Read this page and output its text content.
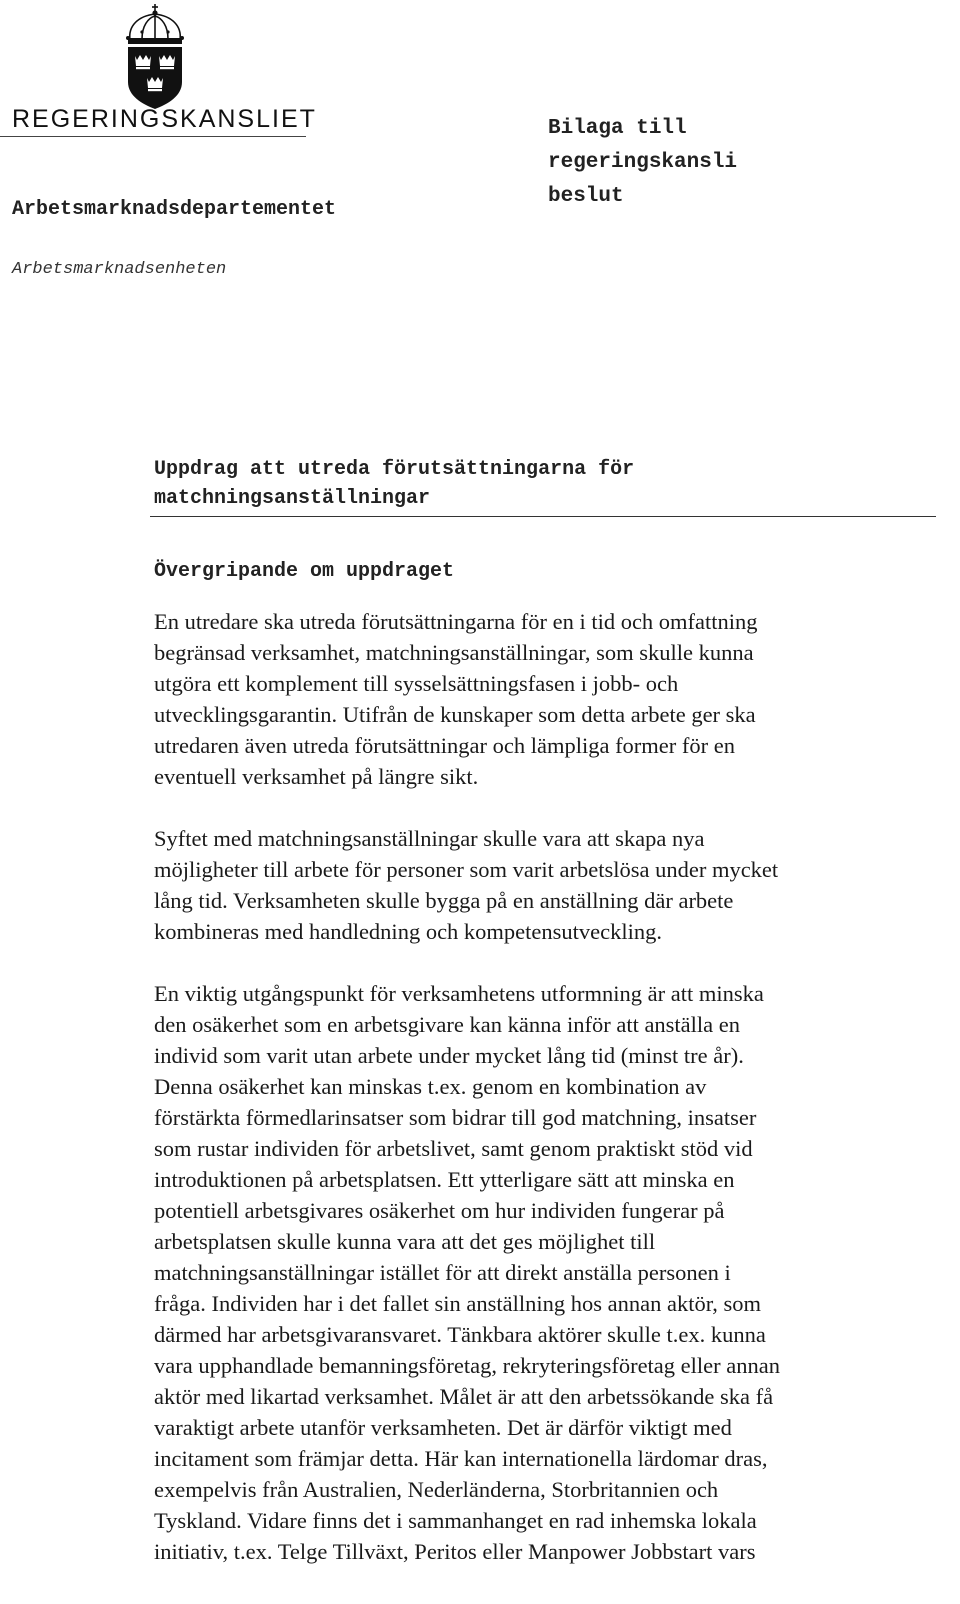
REGERINGSKANSLIET	Bilaga till
regeringskansli
beslut
Arbetsmarknadsdepartementet
Arbetsmarknadsenheten
Uppdrag att utreda förutsättningarna för
matchningsanställningar
Övergripande om uppdraget

En utredare ska utreda förutsättningarna för en i tid och omfattning
begränsad verksamhet, matchningsanställningar, som skulle kunna
utgöra ett komplement till sysselsättningsfasen i jobb- och
utvecklingsgarantin. Utifrån de kunskaper som detta arbete ger ska
utredaren även utreda förutsättningar och lämpliga former för en
eventuell verksamhet på längre sikt.

Syftet med matchningsanställningar skulle vara att skapa nya
möjligheter till arbete för personer som varit arbetslösa under mycket
lång tid. Verksamheten skulle bygga på en anställning där arbete
kombineras med handledning och kompetensutveckling.

En viktig utgångspunkt för verksamhetens utformning är att minska
den osäkerhet som en arbetsgivare kan känna inför att anställa en
individ som varit utan arbete under mycket lång tid (minst tre år).
Denna osäkerhet kan minskas t.ex. genom en kombination av
förstärkta förmedlarinsatser som bidrar till god matchning, insatser
som rustar individen för arbetslivet, samt genom praktiskt stöd vid
introduktionen på arbetsplatsen. Ett ytterligare sätt att minska en
potentiell arbetsgivares osäkerhet om hur individen fungerar på
arbetsplatsen skulle kunna vara att det ges möjlighet till
matchningsanställningar istället för att direkt anställa personen i
fråga. Individen har i det fallet sin anställning hos annan aktör, som
därmed har arbetsgivaransvaret. Tänkbara aktörer skulle t.ex. kunna
vara upphandlade bemanningsföretag, rekryteringsföretag eller annan
aktör med likartad verksamhet. Målet är att den arbetssökande ska få
varaktigt arbete utanför verksamheten. Det är därför viktigt med
incitament som främjar detta. Här kan internationella lärdomar dras,
exempelvis från Australien, Nederländerna, Storbritannien och
Tyskland. Vidare finns det i sammanhanget en rad inhemska lokala
initiativ, t.ex. Telge Tillväxt, Peritos eller Manpower Jobbstart vars
